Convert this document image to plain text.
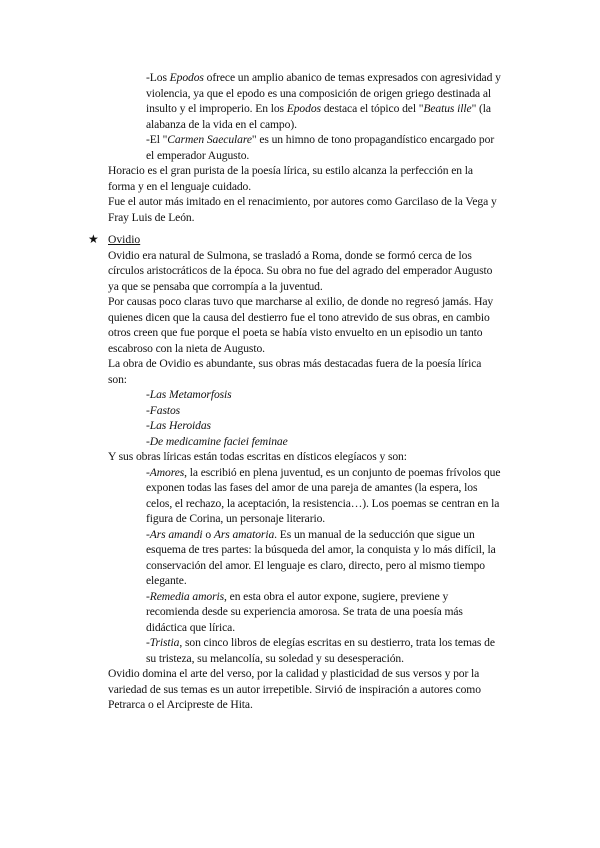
-Los Epodos ofrece un amplio abanico de temas expresados con agresividad y

violencia, ya que el epodo es una composición de origen griego destinada al

insulto y el improperio. En los Epodos destaca el tópico del "Beatus ille" (la

alabanza de la vida en el campo).

-El "Carmen Saeculare" es un himno de tono propagandístico encargado por

el emperador Augusto.

Horacio es el gran purista de la poesía lírica, su estilo alcanza la perfección en la

forma y en el lenguaje cuidado.

Fue el autor más imitado en el renacimiento, por autores como Garcilaso de la Vega y

Fray Luis de León.

★ Ovidio

Ovidio era natural de Sulmona, se trasladó a Roma, donde se formó cerca de los

círculos aristocráticos de la época. Su obra no fue del agrado del emperador Augusto

ya que se pensaba que corrompía a la juventud.

Por causas poco claras tuvo que marcharse al exilio, de donde no regresó jamás. Hay

quienes dicen que la causa del destierro fue el tono atrevido de sus obras, en cambio

otros creen que fue porque el poeta se había visto envuelto en un episodio un tanto

escabroso con la nieta de Augusto.

La obra de Ovidio es abundante, sus obras más destacadas fuera de la poesía lírica

son:

-Las Metamorfosis

-Fastos

-Las Heroidas

-De medicamine faciei feminae

Y sus obras líricas están todas escritas en dísticos elegíacos y son:

-Amores, la escribió en plena juventud, es un conjunto de poemas frívolos que

exponen todas las fases del amor de una pareja de amantes (la espera, los

celos, el rechazo, la aceptación, la resistencia…). Los poemas se centran en la

figura de Corina, un personaje literario.

-Ars amandi o Ars amatoria. Es un manual de la seducción que sigue un

esquema de tres partes: la búsqueda del amor, la conquista y lo más difícil, la

conservación del amor. El lenguaje es claro, directo, pero al mismo tiempo

elegante.

-Remedia amoris, en esta obra el autor expone, sugiere, previene y

recomienda desde su experiencia amorosa. Se trata de una poesía más

didáctica que lírica.

-Tristia, son cinco libros de elegías escritas en su destierro, trata los temas de

su tristeza, su melancolía, su soledad y su desesperación.

Ovidio domina el arte del verso, por la calidad y plasticidad de sus versos y por la

variedad de sus temas es un autor irrepetible. Sirvió de inspiración a autores como

Petrarca o el Arcipreste de Hita.
